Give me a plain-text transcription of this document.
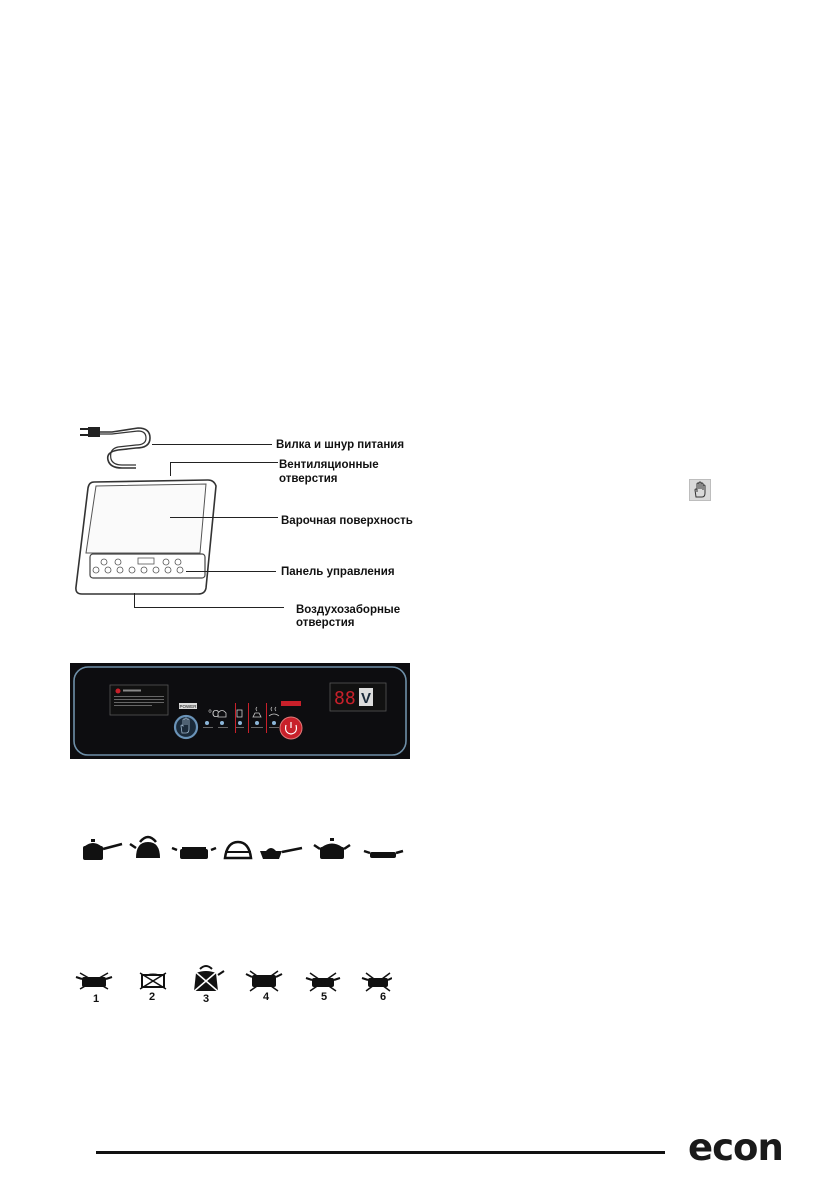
Вилка и шнур питания
Вентиляционные
отверстия
Варочная поверхность
Панель управления
Воздухозаборные
отверстия
POWER
°C
88 V
1	2	3	4	5	6
econ
